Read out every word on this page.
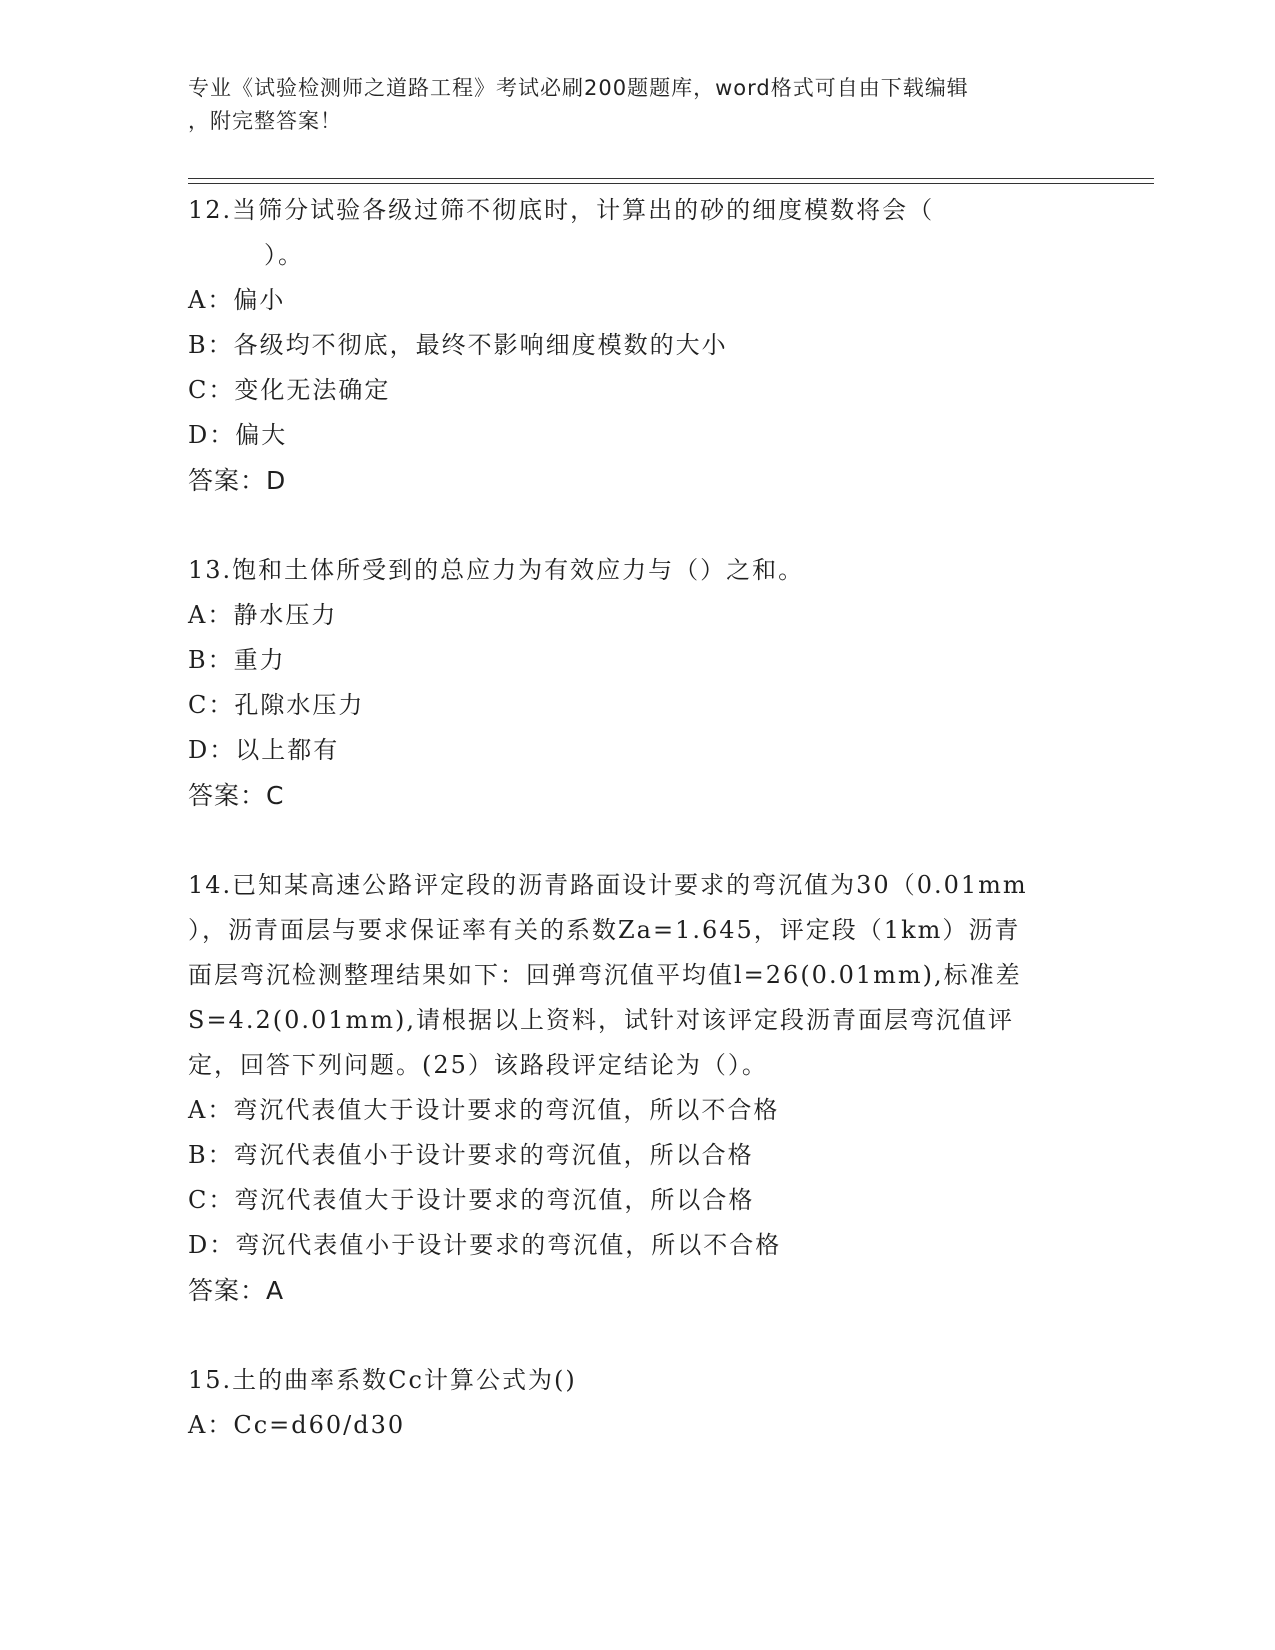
专业《试验检测师之道路工程》考试必刷200题题库，word格式可自由下载编辑
，附完整答案！
12.当筛分试验各级过筛不彻底时，计算出的砂的细度模数将会（
）。
A：偏小
B：各级均不彻底，最终不影响细度模数的大小
C：变化无法确定
D：偏大
答案：D
13.饱和土体所受到的总应力为有效应力与（）之和。
A：静水压力
B：重力
C：孔隙水压力
D：以上都有
答案：C
14.已知某高速公路评定段的沥青路面设计要求的弯沉值为30（0.01mm
），沥青面层与要求保证率有关的系数Za=1.645，评定段（1km）沥青
面层弯沉检测整理结果如下：回弹弯沉值平均值l=26(0.01mm),标准差
S=4.2(0.01mm),请根据以上资料，试针对该评定段沥青面层弯沉值评
定，回答下列问题。(25）该路段评定结论为（）。
A：弯沉代表值大于设计要求的弯沉值，所以不合格
B：弯沉代表值小于设计要求的弯沉值，所以合格
C：弯沉代表值大于设计要求的弯沉值，所以合格
D：弯沉代表值小于设计要求的弯沉值，所以不合格
答案：A
15.土的曲率系数Cc计算公式为()
A：Cc=d60/d30
